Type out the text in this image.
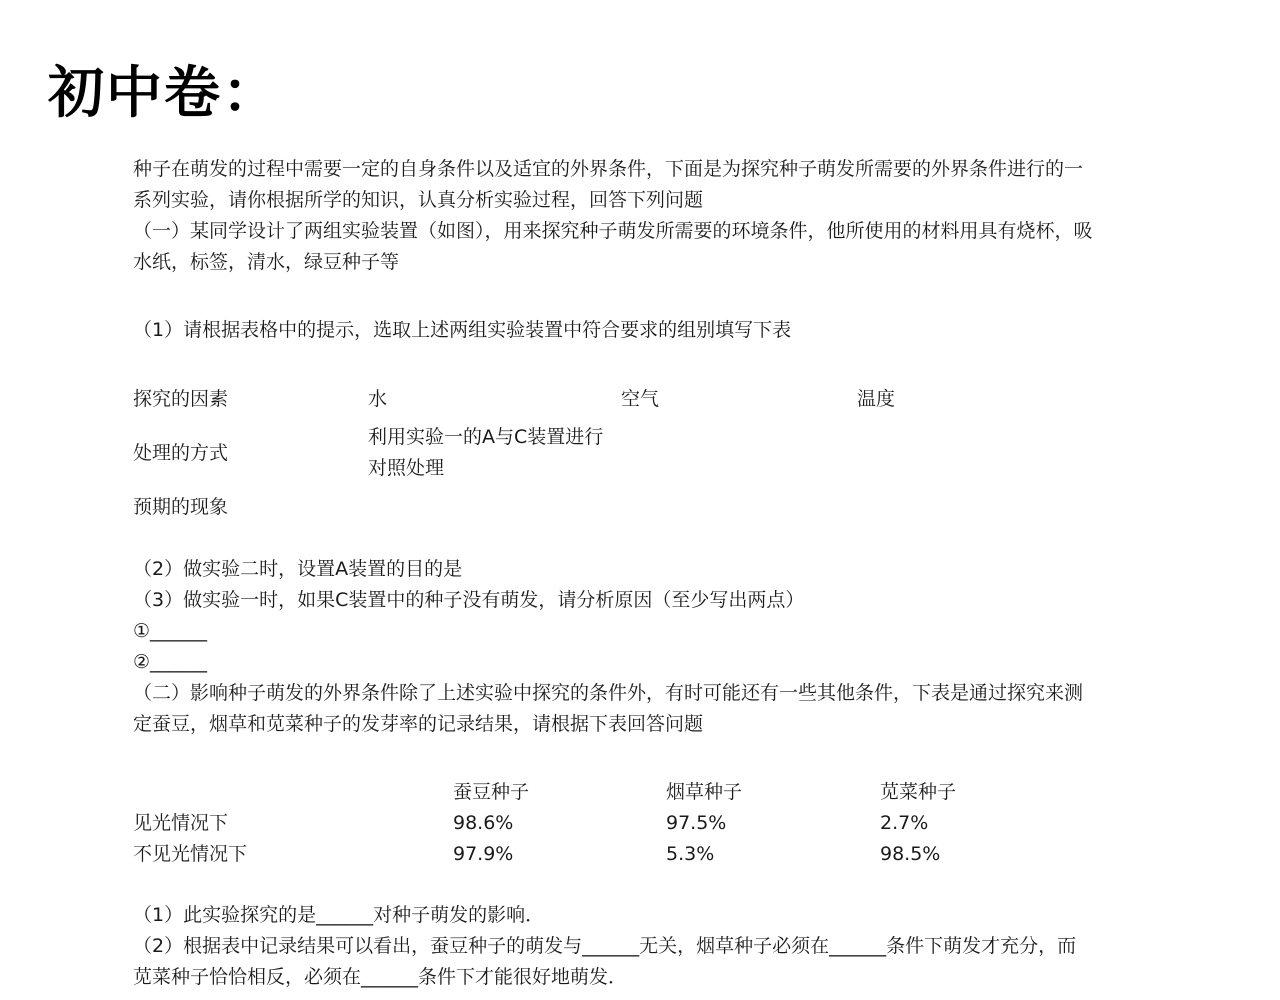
初中卷：

种子在萌发的过程中需要一定的自身条件以及适宜的外界条件，下面是为探究种子萌发所需要的外界条件进行的一系列实验，请你根据所学的知识，认真分析实验过程，回答下列问题

（一）某同学设计了两组实验装置（如图），用来探究种子萌发所需要的环境条件，他所使用的材料用具有烧杯，吸水纸，标签，清水，绿豆种子等

（1）请根据表格中的提示，选取上述两组实验装置中符合要求的组别填写下表

探究的因素	水	空气	温度
处理的方式	利用实验一的A与C装置进行对照处理		

预期的现象			

（2）做实验二时，设置A装置的目的是

（3）做实验一时，如果C装置中的种子没有萌发，请分析原因（至少写出两点）

①______

②______

（二）影响种子萌发的外界条件除了上述实验中探究的条件外，有时可能还有一些其他条件，下表是通过探究来测定蚕豆，烟草和苋菜种子的发芽率的记录结果，请根据下表回答问题

	蚕豆种子	烟草种子	苋菜种子
见光情况下	98.6%	97.5%	2.7%
不见光情况下	97.9%	5.3%	98.5%

（1）此实验探究的是______对种子萌发的影响．

（2）根据表中记录结果可以看出，蚕豆种子的萌发与______无关，烟草种子必须在______条件下萌发才充分，而苋菜种子恰恰相反，必须在______条件下才能很好地萌发．
